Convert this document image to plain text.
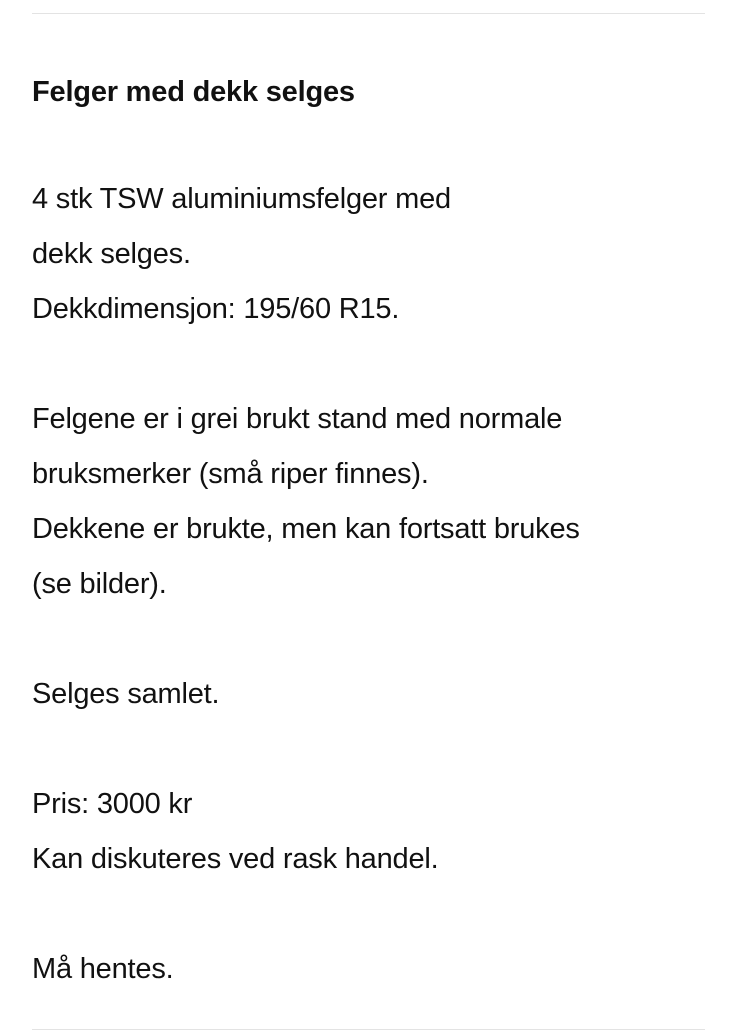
Felger med dekk selges
4 stk TSW aluminiumsfelger med
dekk selges.
Dekkdimensjon: 195/60 R15.
Felgene er i grei brukt stand med normale
bruksmerker (små riper finnes).
Dekkene er brukte, men kan fortsatt brukes
(se bilder).
Selges samlet.
Pris: 3000 kr
Kan diskuteres ved rask handel.
Må hentes.
